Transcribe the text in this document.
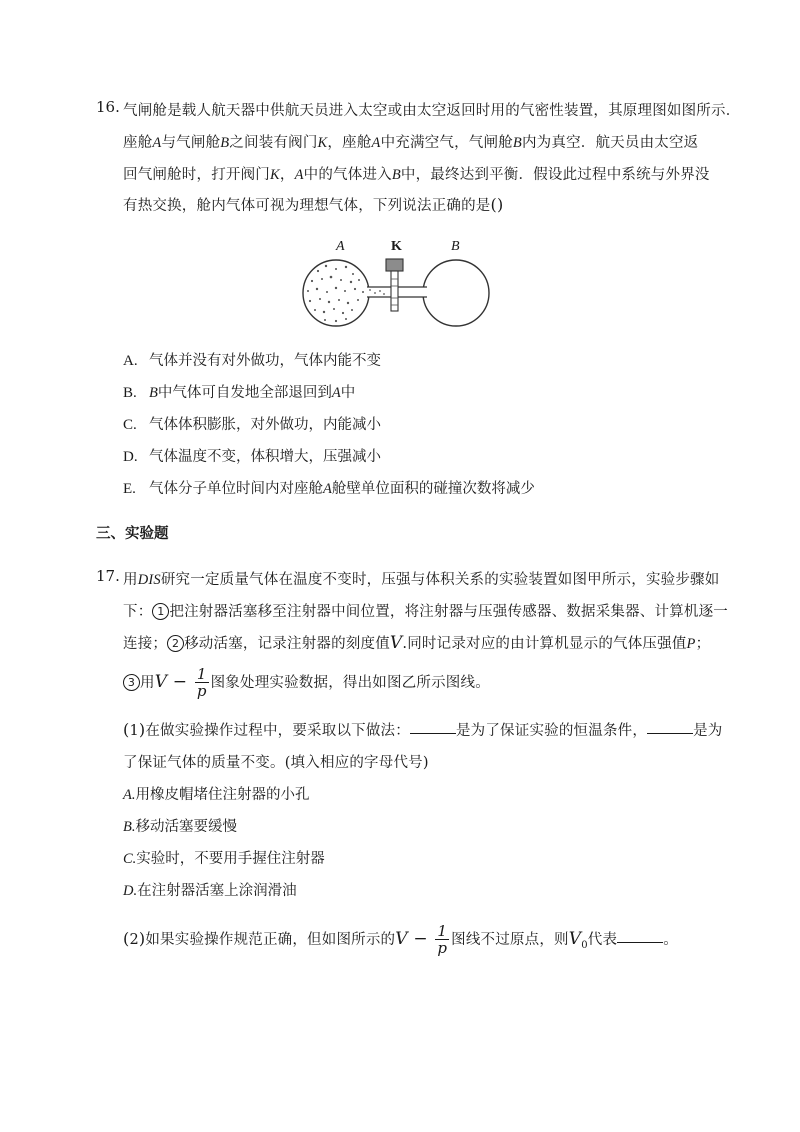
16. 气闸舱是载人航天器中供航天员进入太空或由太空返回时用的气密性装置，其原理图如图所示．
座舱A与气闸舱B之间装有阀门K，座舱A中充满空气，气闸舱B内为真空．航天员由太空返
回气闸舱时，打开阀门K，A中的气体进入B中，最终达到平衡．假设此过程中系统与外界没
有热交换，舱内气体可视为理想气体，下列说法正确的是()
A	K	B
A. 气体并没有对外做功，气体内能不变
B. B中气体可自发地全部退回到A中
C. 气体体积膨胀，对外做功，内能减小
D. 气体温度不变，体积增大，压强减小
E. 气体分子单位时间内对座舱A舱壁单位面积的碰撞次数将减少
三、实验题
17. 用DIS研究一定质量气体在温度不变时，压强与体积关系的实验装置如图甲所示，实验步骤如
下： 1 把注射器活塞移至注射器中间位置，将注射器与压强传感器、数据采集器、计算机逐一
连接； 2 移动活塞，记录注射器的刻度值V.同时记录对应的由计算机显示的气体压强值P；
3 用$V - \frac{1}{p}$ 图象处理实验数据，得出如图乙所示图线。
(1)在做实验操作过程中，要采取以下做法：	是为了保证实验的恒温条件，	是为
了保证气体的质量不变。(填入相应的字母代号)
A.用橡皮帽堵住注射器的小孔
B.移动活塞要缓慢
C.实验时，不要用手握住注射器
D.在注射器活塞上涂润滑油
(2)如果实验操作规范正确，但如图所示的$V - \frac{1}{p}$ 图线不过原点，则$V_0$代表	。
